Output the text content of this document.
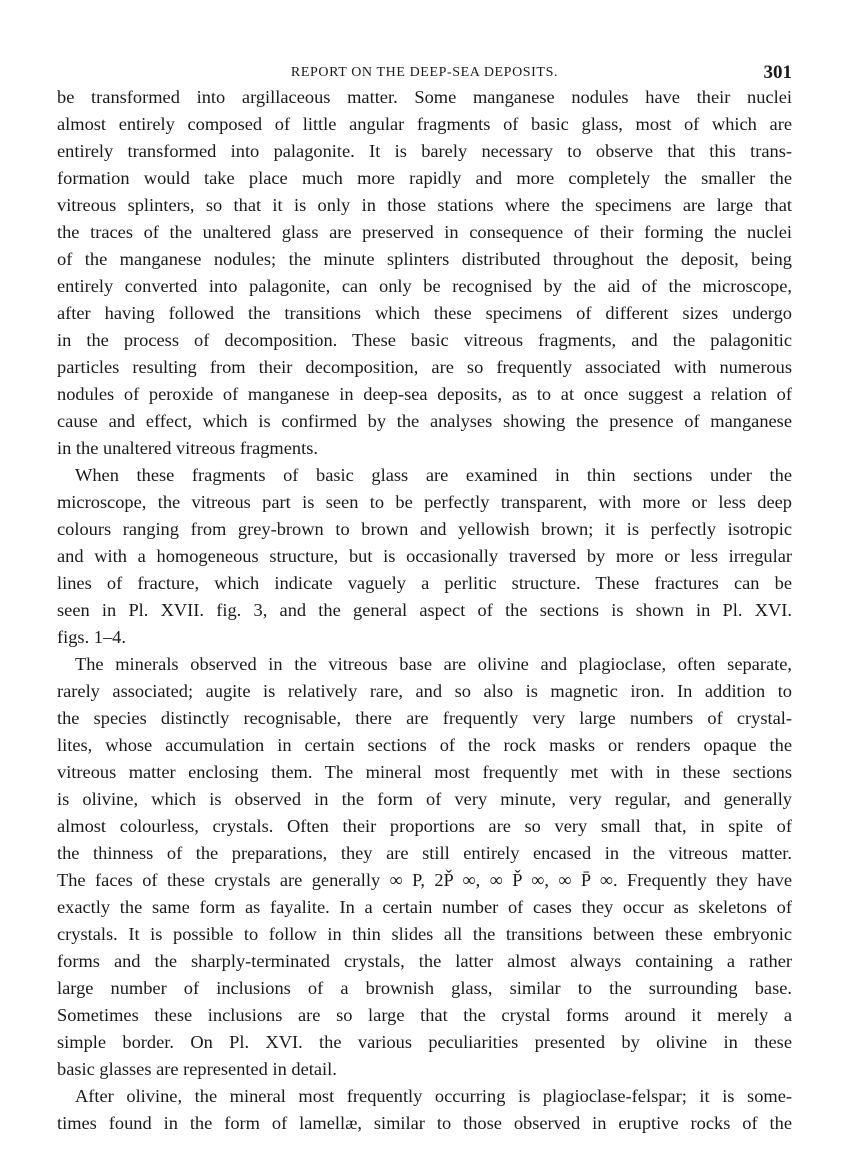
REPORT ON THE DEEP-SEA DEPOSITS.	301
be transformed into argillaceous matter. Some manganese nodules have their nuclei
almost entirely composed of little angular fragments of basic glass, most of which are
entirely transformed into palagonite. It is barely necessary to observe that this trans-
formation would take place much more rapidly and more completely the smaller the
vitreous splinters, so that it is only in those stations where the specimens are large that
the traces of the unaltered glass are preserved in consequence of their forming the nuclei
of the manganese nodules; the minute splinters distributed throughout the deposit, being
entirely converted into palagonite, can only be recognised by the aid of the microscope,
after having followed the transitions which these specimens of different sizes undergo
in the process of decomposition. These basic vitreous fragments, and the palagonitic
particles resulting from their decomposition, are so frequently associated with numerous
nodules of peroxide of manganese in deep-sea deposits, as to at once suggest a relation of
cause and effect, which is confirmed by the analyses showing the presence of manganese
in the unaltered vitreous fragments.
When these fragments of basic glass are examined in thin sections under the
microscope, the vitreous part is seen to be perfectly transparent, with more or less deep
colours ranging from grey-brown to brown and yellowish brown; it is perfectly isotropic
and with a homogeneous structure, but is occasionally traversed by more or less irregular
lines of fracture, which indicate vaguely a perlitic structure. These fractures can be
seen in Pl. XVII. fig. 3, and the general aspect of the sections is shown in Pl. XVI.
figs. 1–4.
The minerals observed in the vitreous base are olivine and plagioclase, often separate,
rarely associated; augite is relatively rare, and so also is magnetic iron. In addition to
the species distinctly recognisable, there are frequently very large numbers of crystal-
lites, whose accumulation in certain sections of the rock masks or renders opaque the
vitreous matter enclosing them. The mineral most frequently met with in these sections
is olivine, which is observed in the form of very minute, very regular, and generally
almost colourless, crystals. Often their proportions are so very small that, in spite of
the thinness of the preparations, they are still entirely encased in the vitreous matter.
The faces of these crystals are generally ∞ P, 2P̌ ∞, ∞ P̌ ∞, ∞ P̄ ∞. Frequently they have
exactly the same form as fayalite. In a certain number of cases they occur as skeletons of
crystals. It is possible to follow in thin slides all the transitions between these embryonic
forms and the sharply-terminated crystals, the latter almost always containing a rather
large number of inclusions of a brownish glass, similar to the surrounding base.
Sometimes these inclusions are so large that the crystal forms around it merely a
simple border. On Pl. XVI. the various peculiarities presented by olivine in these
basic glasses are represented in detail.
After olivine, the mineral most frequently occurring is plagioclase-felspar; it is some-
times found in the form of lamellæ, similar to those observed in eruptive rocks of the
